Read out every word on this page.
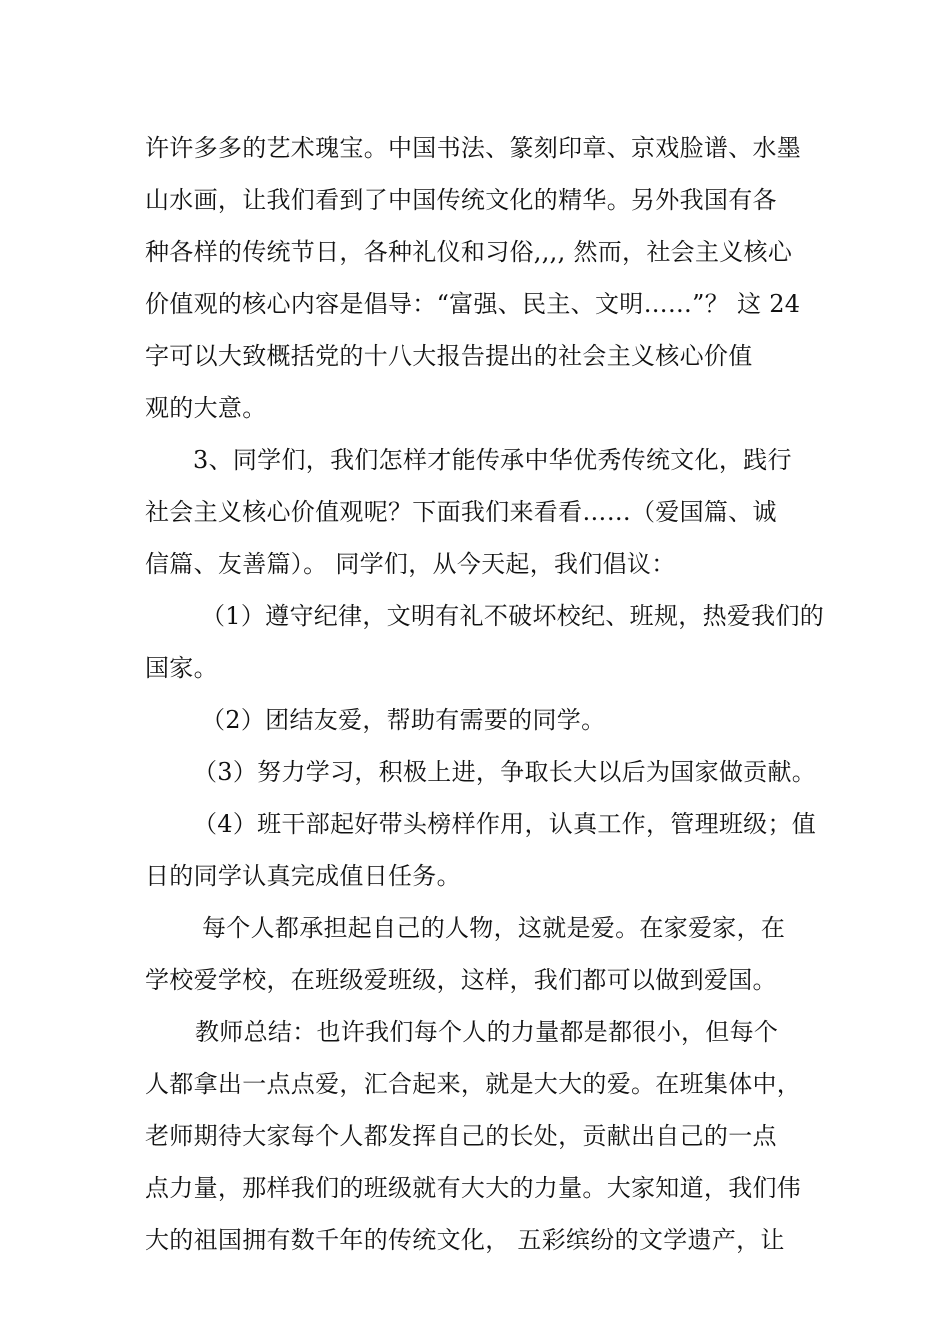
许许多多的艺术瑰宝。中国书法、篆刻印章、京戏脸谱、水墨
山水画，让我们看到了中国传统文化的精华。另外我国有各
种各样的传统节日，各种礼仪和习俗,,,, 然而，社会主义核心
价值观的核心内容是倡导：“富强、民主、文明……”？ 这 24
字可以大致概括党的十八大报告提出的社会主义核心价值
观的大意。
3、同学们，我们怎样才能传承中华优秀传统文化，践行
社会主义核心价值观呢？下面我们来看看……（爱国篇、诚
信篇、友善篇）。 同学们，从今天起，我们倡议：
（1）遵守纪律，文明有礼不破坏校纪、班规，热爱我们的
国家。
（2）团结友爱，帮助有需要的同学。
（3）努力学习，积极上进，争取长大以后为国家做贡献。
（4）班干部起好带头榜样作用，认真工作，管理班级；值
日的同学认真完成值日任务。
每个人都承担起自己的人物，这就是爱。在家爱家，在
学校爱学校，在班级爱班级，这样，我们都可以做到爱国。
教师总结：也许我们每个人的力量都是都很小，但每个
人都拿出一点点爱，汇合起来，就是大大的爱。在班集体中，
老师期待大家每个人都发挥自己的长处，贡献出自己的一点
点力量，那样我们的班级就有大大的力量。大家知道，我们伟
大的祖国拥有数千年的传统文化， 五彩缤纷的文学遗产，让
